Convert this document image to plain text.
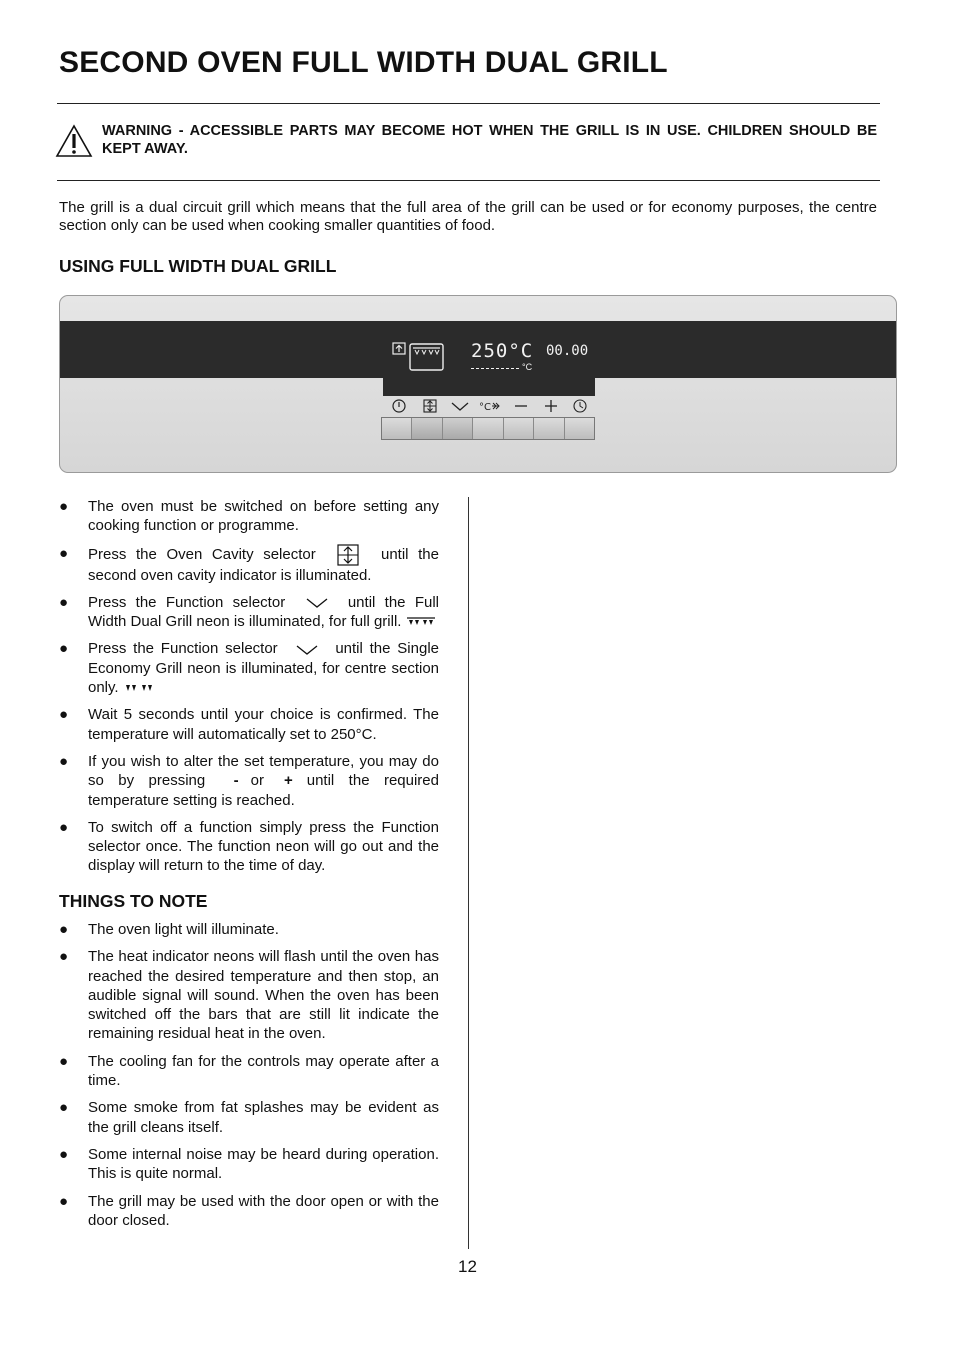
SECOND OVEN FULL WIDTH DUAL GRILL
WARNING - ACCESSIBLE PARTS MAY BECOME HOT WHEN THE GRILL IS IN USE. CHILDREN SHOULD BE KEPT AWAY.
The grill is a dual circuit grill which means that the full area of the grill can be used or for economy purposes, the centre section only can be used when cooking smaller quantities of food.
USING FULL WIDTH DUAL GRILL
250°C 00.00
°C
°C
● The oven must be switched on before setting any cooking function or programme.
● Press the Oven Cavity selector	until the second oven cavity indicator is illuminated.
● Press the Function selector	until the Full Width Dual Grill neon is illuminated, for full grill.
● Press the Function selector	until the Single Economy Grill neon is illuminated, for centre section only.
● Wait 5 seconds until your choice is confirmed. The temperature will automatically set to 250°C.
● If you wish to alter the set temperature, you may do so by pressing - or + until the required temperature setting is reached.
● To switch off a function simply press the Function selector once. The function neon will go out and the display will return to the time of day.
THINGS TO NOTE
● The oven light will illuminate.
● The heat indicator neons will flash until the oven has reached the desired temperature and then stop, an audible signal will sound. When the oven has been switched off the bars that are still lit indicate the remaining residual heat in the oven.
● The cooling fan for the controls may operate after a time.
● Some smoke from fat splashes may be evident as the grill cleans itself.
● Some internal noise may be heard during operation. This is quite normal.
● The grill may be used with the door open or with the door closed.
12
